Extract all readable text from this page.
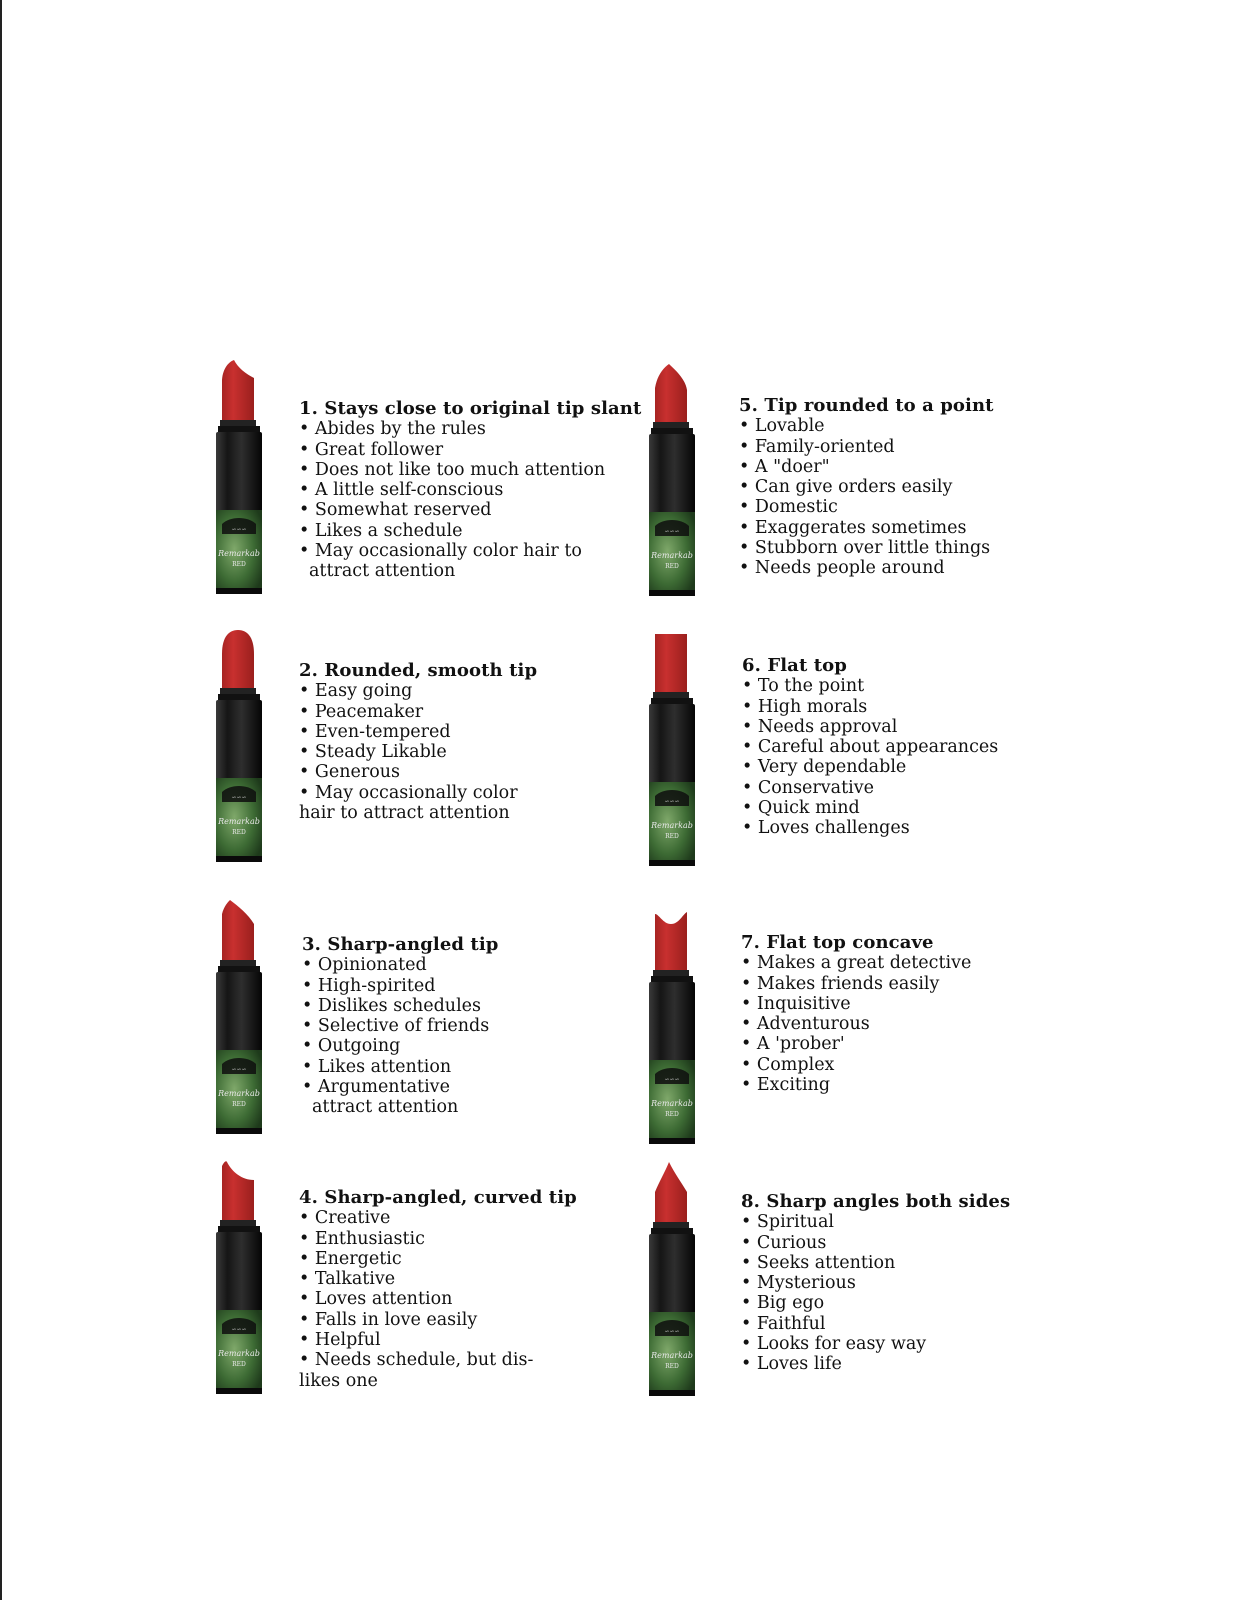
∽∽∽
Remarkab
RED
1. Stays close to original tip slant
• Abides by the rules
• Great follower
• Does not like too much attention
• A little self-conscious
• Somewhat reserved
• Likes a schedule
• May occasionally color hair to
attract attention
∽∽∽
Remarkab
RED
2. Rounded, smooth tip
• Easy going
• Peacemaker
• Even-tempered
• Steady Likable
• Generous
• May occasionally color
hair to attract attention
∽∽∽
Remarkab
RED
3. Sharp-angled tip
• Opinionated
• High-spirited
• Dislikes schedules
• Selective of friends
• Outgoing
• Likes attention
• Argumentative
attract attention
∽∽∽
Remarkab
RED
4. Sharp-angled, curved tip
• Creative
• Enthusiastic
• Energetic
• Talkative
• Loves attention
• Falls in love easily
• Helpful
• Needs schedule, but dis-
likes one
∽∽∽
Remarkab
RED
5. Tip rounded to a point
• Lovable
• Family-oriented
• A "doer"
• Can give orders easily
• Domestic
• Exaggerates sometimes
• Stubborn over little things
• Needs people around
∽∽∽
Remarkab
RED
6. Flat top
• To the point
• High morals
• Needs approval
• Careful about appearances
• Very dependable
• Conservative
• Quick mind
• Loves challenges
∽∽∽
Remarkab
RED
7. Flat top concave
• Makes a great detective
• Makes friends easily
• Inquisitive
• Adventurous
• A 'prober'
• Complex
• Exciting
∽∽∽
Remarkab
RED
8. Sharp angles both sides
• Spiritual
• Curious
• Seeks attention
• Mysterious
• Big ego
• Faithful
• Looks for easy way
• Loves life
